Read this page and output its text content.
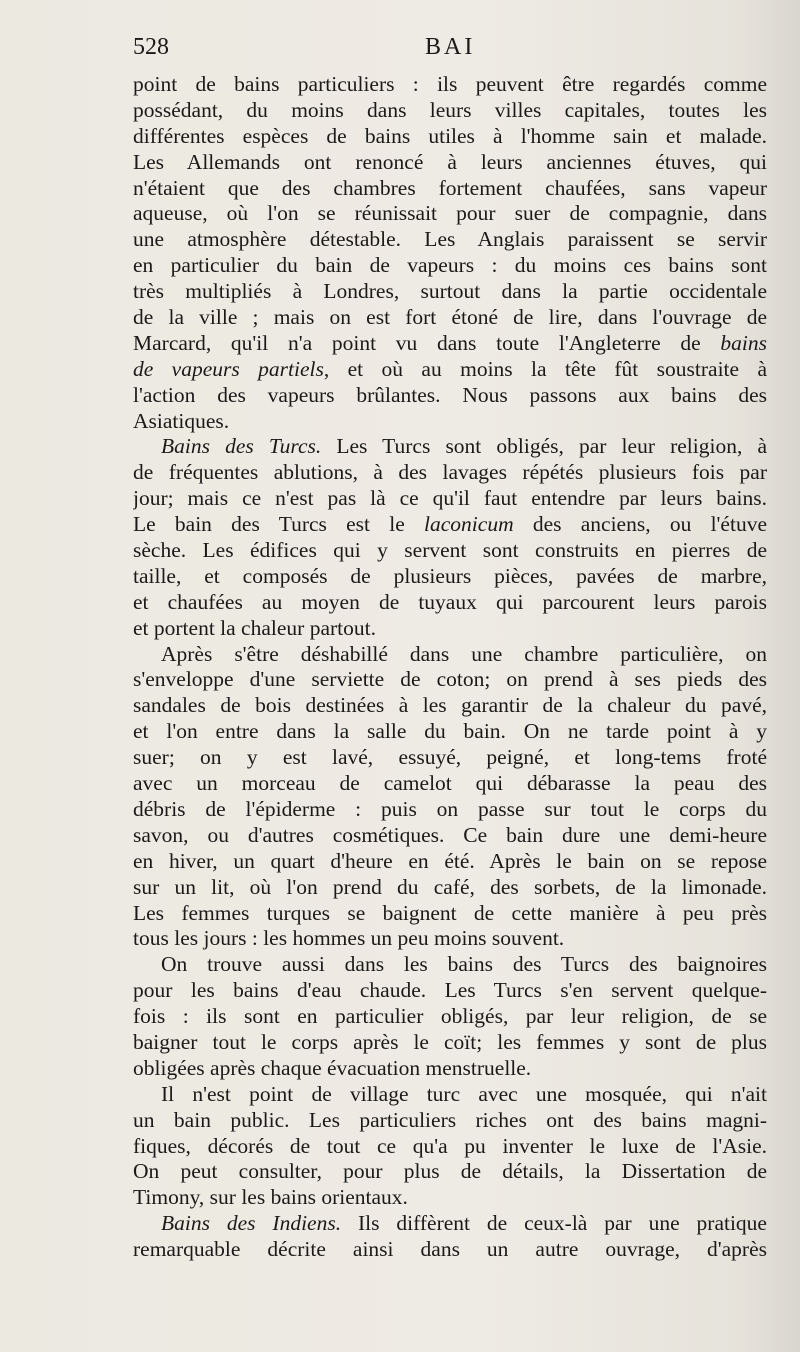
528	BAI
point de bains particuliers : ils peuvent être regardés comme
possédant, du moins dans leurs villes capitales, toutes les
différentes espèces de bains utiles à l'homme sain et malade.
Les Allemands ont renoncé à leurs anciennes étuves, qui
n'étaient que des chambres fortement chaufées, sans vapeur
aqueuse, où l'on se réunissait pour suer de compagnie, dans
une atmosphère détestable. Les Anglais paraissent se servir
en particulier du bain de vapeurs : du moins ces bains sont
très multipliés à Londres, surtout dans la partie occidentale
de la ville ; mais on est fort étoné de lire, dans l'ouvrage de
Marcard, qu'il n'a point vu dans toute l'Angleterre de bains
de vapeurs partiels, et où au moins la tête fût soustraite à
l'action des vapeurs brûlantes. Nous passons aux bains des
Asiatiques.
Bains des Turcs. Les Turcs sont obligés, par leur religion, à
de fréquentes ablutions, à des lavages répétés plusieurs fois par
jour; mais ce n'est pas là ce qu'il faut entendre par leurs bains.
Le bain des Turcs est le laconicum des anciens, ou l'étuve
sèche. Les édifices qui y servent sont construits en pierres de
taille, et composés de plusieurs pièces, pavées de marbre,
et chaufées au moyen de tuyaux qui parcourent leurs parois
et portent la chaleur partout.
Après s'être déshabillé dans une chambre particulière, on
s'enveloppe d'une serviette de coton; on prend à ses pieds des
sandales de bois destinées à les garantir de la chaleur du pavé,
et l'on entre dans la salle du bain. On ne tarde point à y
suer; on y est lavé, essuyé, peigné, et long-tems froté
avec un morceau de camelot qui débarasse la peau des
débris de l'épiderme : puis on passe sur tout le corps du
savon, ou d'autres cosmétiques. Ce bain dure une demi-heure
en hiver, un quart d'heure en été. Après le bain on se repose
sur un lit, où l'on prend du café, des sorbets, de la limonade.
Les femmes turques se baignent de cette manière à peu près
tous les jours : les hommes un peu moins souvent.
On trouve aussi dans les bains des Turcs des baignoires
pour les bains d'eau chaude. Les Turcs s'en servent quelque-
fois : ils sont en particulier obligés, par leur religion, de se
baigner tout le corps après le coït; les femmes y sont de plus
obligées après chaque évacuation menstruelle.
Il n'est point de village turc avec une mosquée, qui n'ait
un bain public. Les particuliers riches ont des bains magni-
fiques, décorés de tout ce qu'a pu inventer le luxe de l'Asie.
On peut consulter, pour plus de détails, la Dissertation de
Timony, sur les bains orientaux.
Bains des Indiens. Ils diffèrent de ceux-là par une pratique
remarquable décrite ainsi dans un autre ouvrage, d'après
